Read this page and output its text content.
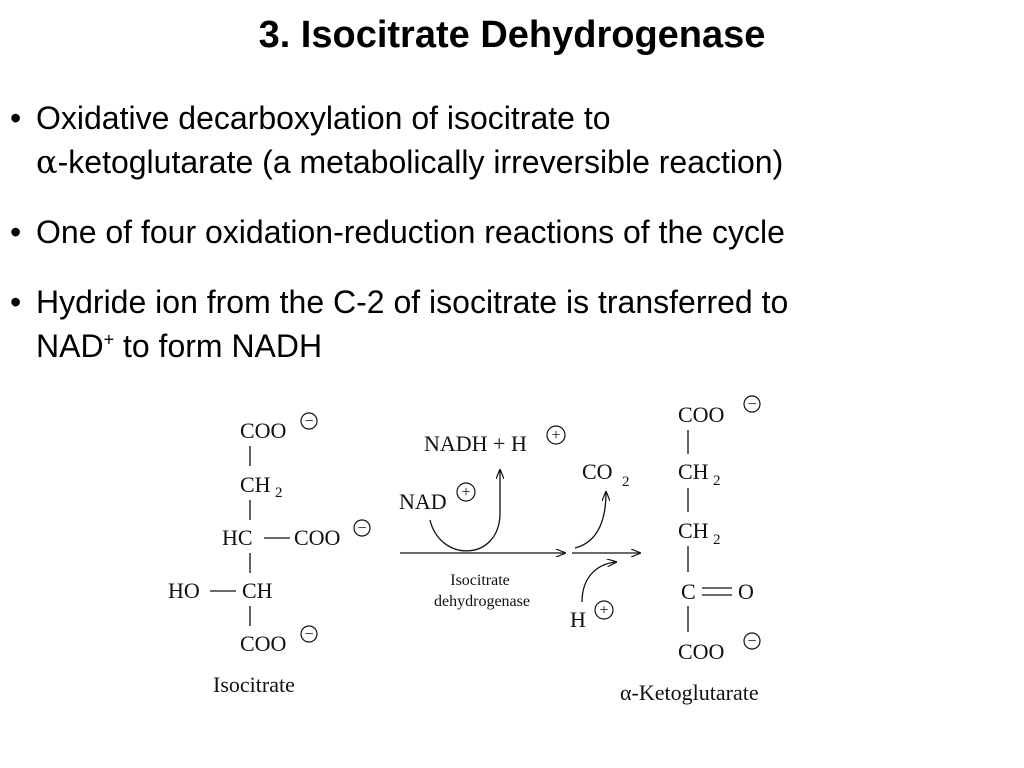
3. Isocitrate Dehydrogenase
• Oxidative decarboxylation of isocitrate to
α-ketoglutarate (a metabolically irreversible reaction)
• One of four oxidation-reduction reactions of the cycle
• Hydride ion from the C-2 of isocitrate is transferred to
NAD+ to form NADH
COO −
CH 2
HC COO −
HO CH
COO −
Isocitrate
NADH + H +
NAD +
CO 2
H +
Isocitrate
dehydrogenase
COO −
CH 2
CH 2
C O
COO −
α-Ketoglutarate
